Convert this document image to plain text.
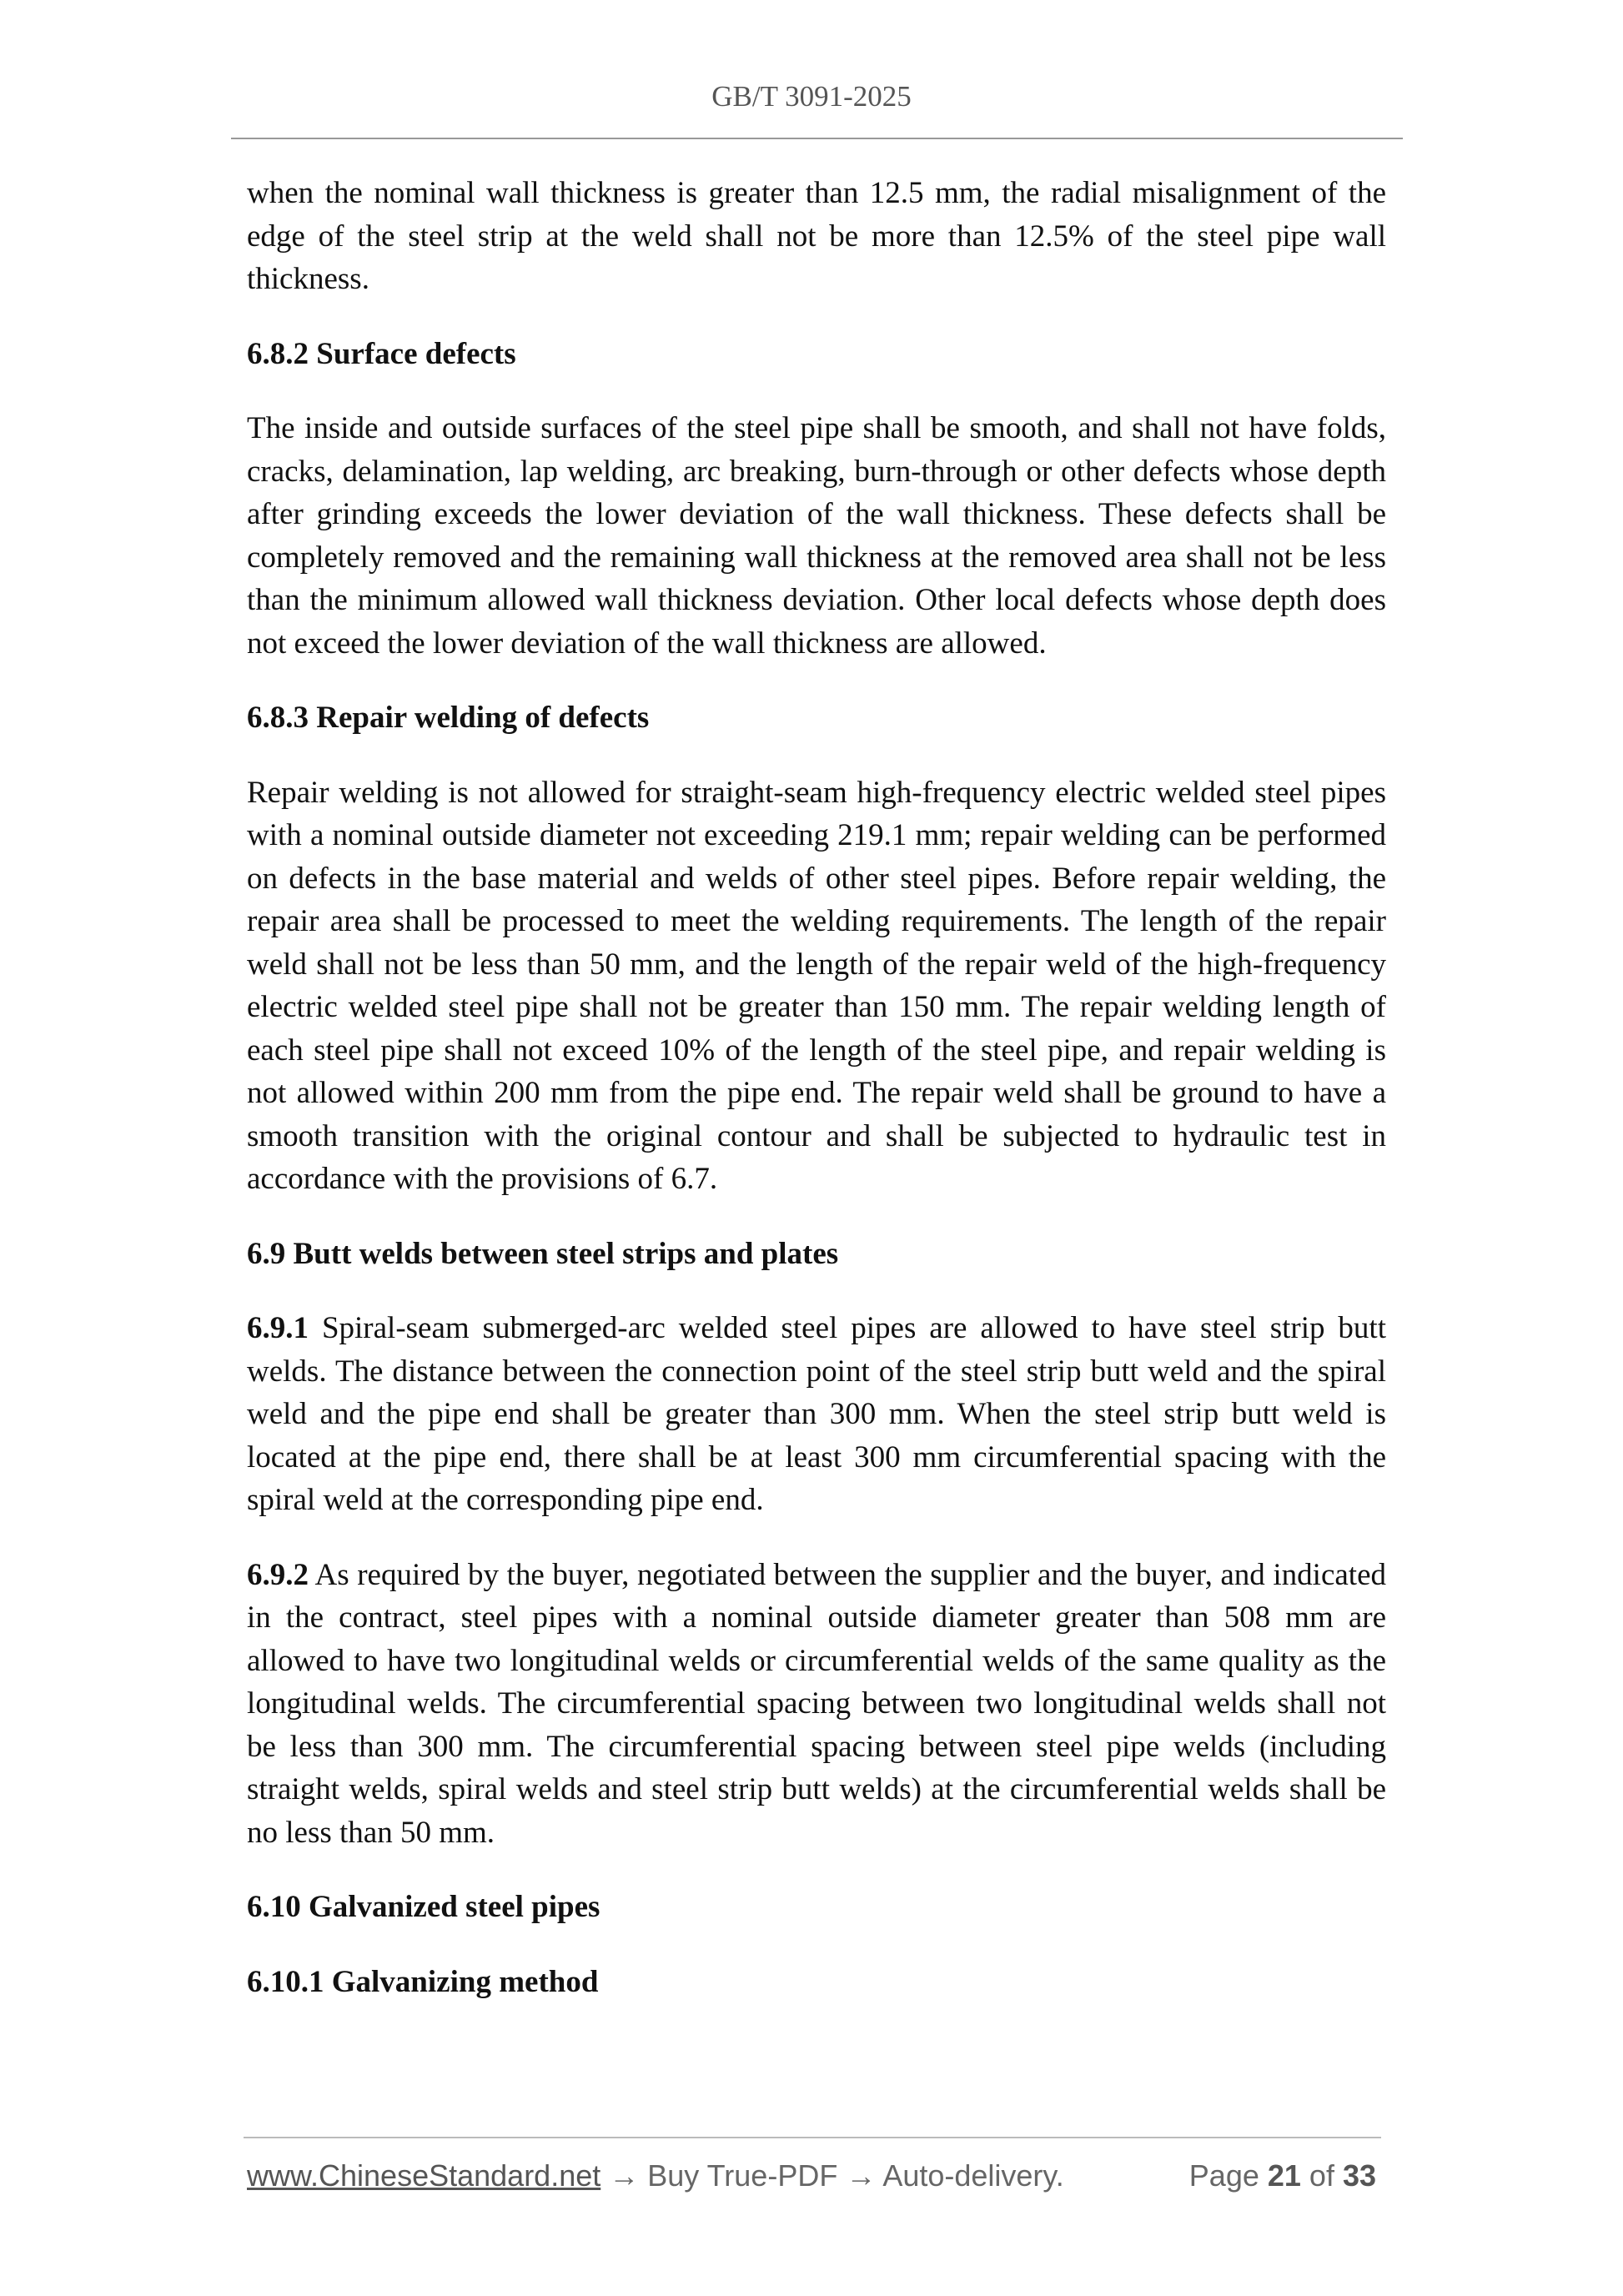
GB/T 3091-2025

when the nominal wall thickness is greater than 12.5 mm, the radial misalignment of the edge of the steel strip at the weld shall not be more than 12.5% of the steel pipe wall thickness.

6.8.2 Surface defects

The inside and outside surfaces of the steel pipe shall be smooth, and shall not have folds, cracks, delamination, lap welding, arc breaking, burn-through or other defects whose depth after grinding exceeds the lower deviation of the wall thickness. These defects shall be completely removed and the remaining wall thickness at the removed area shall not be less than the minimum allowed wall thickness deviation. Other local defects whose depth does not exceed the lower deviation of the wall thickness are allowed.

6.8.3 Repair welding of defects

Repair welding is not allowed for straight-seam high-frequency electric welded steel pipes with a nominal outside diameter not exceeding 219.1 mm; repair welding can be performed on defects in the base material and welds of other steel pipes. Before repair welding, the repair area shall be processed to meet the welding requirements. The length of the repair weld shall not be less than 50 mm, and the length of the repair weld of the high-frequency electric welded steel pipe shall not be greater than 150 mm. The repair welding length of each steel pipe shall not exceed 10% of the length of the steel pipe, and repair welding is not allowed within 200 mm from the pipe end. The repair weld shall be ground to have a smooth transition with the original contour and shall be subjected to hydraulic test in accordance with the provisions of 6.7.

6.9 Butt welds between steel strips and plates

6.9.1 Spiral-seam submerged-arc welded steel pipes are allowed to have steel strip butt welds. The distance between the connection point of the steel strip butt weld and the spiral weld and the pipe end shall be greater than 300 mm. When the steel strip butt weld is located at the pipe end, there shall be at least 300 mm circumferential spacing with the spiral weld at the corresponding pipe end.

6.9.2 As required by the buyer, negotiated between the supplier and the buyer, and indicated in the contract, steel pipes with a nominal outside diameter greater than 508 mm are allowed to have two longitudinal welds or circumferential welds of the same quality as the longitudinal welds. The circumferential spacing between two longitudinal welds shall not be less than 300 mm. The circumferential spacing between steel pipe welds (including straight welds, spiral welds and steel strip butt welds) at the circumferential welds shall be no less than 50 mm.

6.10 Galvanized steel pipes
6.10.1 Galvanizing method
www.ChineseStandard.net → Buy True-PDF → Auto-delivery.	Page 21 of 33
